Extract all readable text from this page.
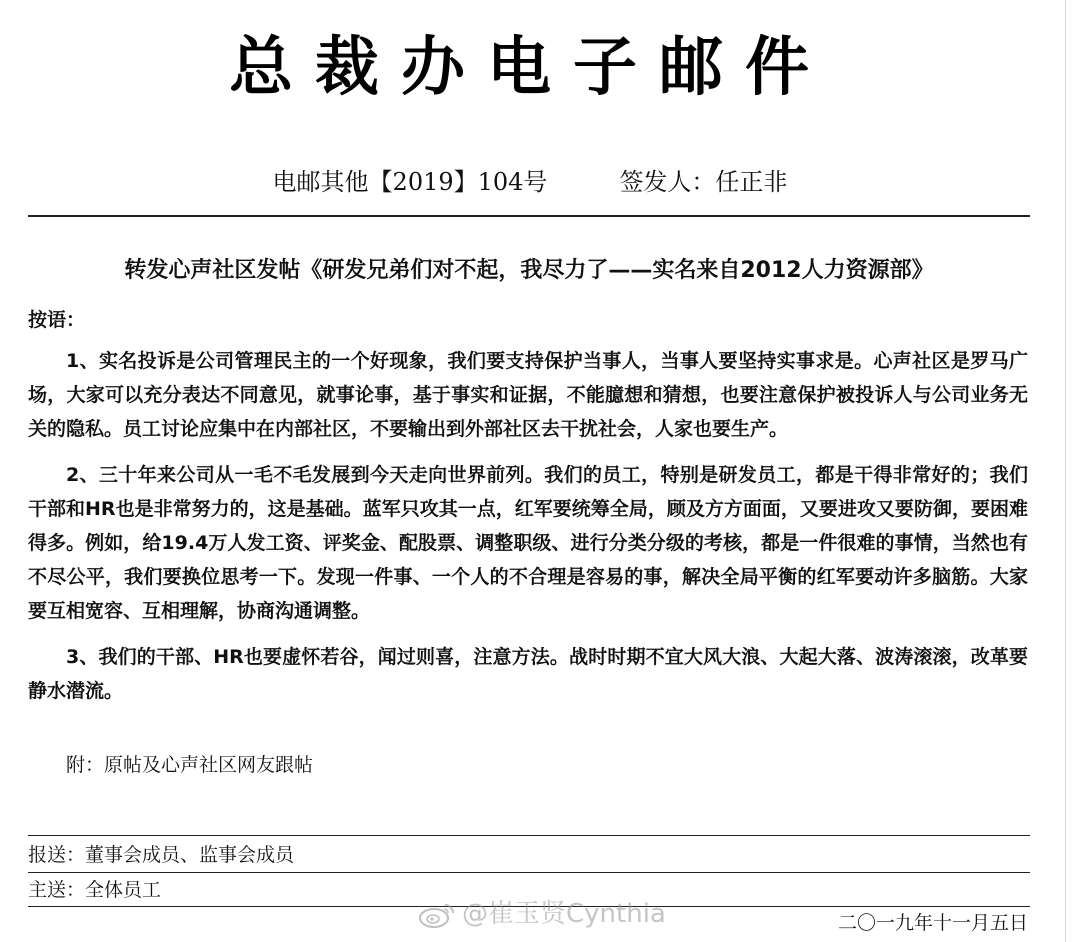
总裁办电子邮件
电邮其他【2019】104号	签发人：任正非
转发心声社区发帖《研发兄弟们对不起，我尽力了——实名来自2012人力资源部》
按语：

1、实名投诉是公司管理民主的一个好现象，我们要支持保护当事人，当事人要坚持实事求是。心声社区是罗马广场，大家可以充分表达不同意见，就事论事，基于事实和证据，不能臆想和猜想，也要注意保护被投诉人与公司业务无关的隐私。员工讨论应集中在内部社区，不要输出到外部社区去干扰社会，人家也要生产。

2、三十年来公司从一毛不毛发展到今天走向世界前列。我们的员工，特别是研发员工，都是干得非常好的；我们干部和HR也是非常努力的，这是基础。蓝军只攻其一点，红军要统筹全局，顾及方方面面，又要进攻又要防御，要困难得多。例如，给19.4万人发工资、评奖金、配股票、调整职级、进行分类分级的考核，都是一件很难的事情，当然也有不尽公平，我们要换位思考一下。发现一件事、一个人的不合理是容易的事，解决全局平衡的红军要动许多脑筋。大家要互相宽容、互相理解，协商沟通调整。

3、我们的干部、HR也要虚怀若谷，闻过则喜，注意方法。战时时期不宜大风大浪、大起大落、波涛滚滚，改革要静水潜流。

附：原帖及心声社区网友跟帖
报送：董事会成员、监事会成员
主送：全体员工
二〇一九年十一月五日
@崔玉贤Cynthia
